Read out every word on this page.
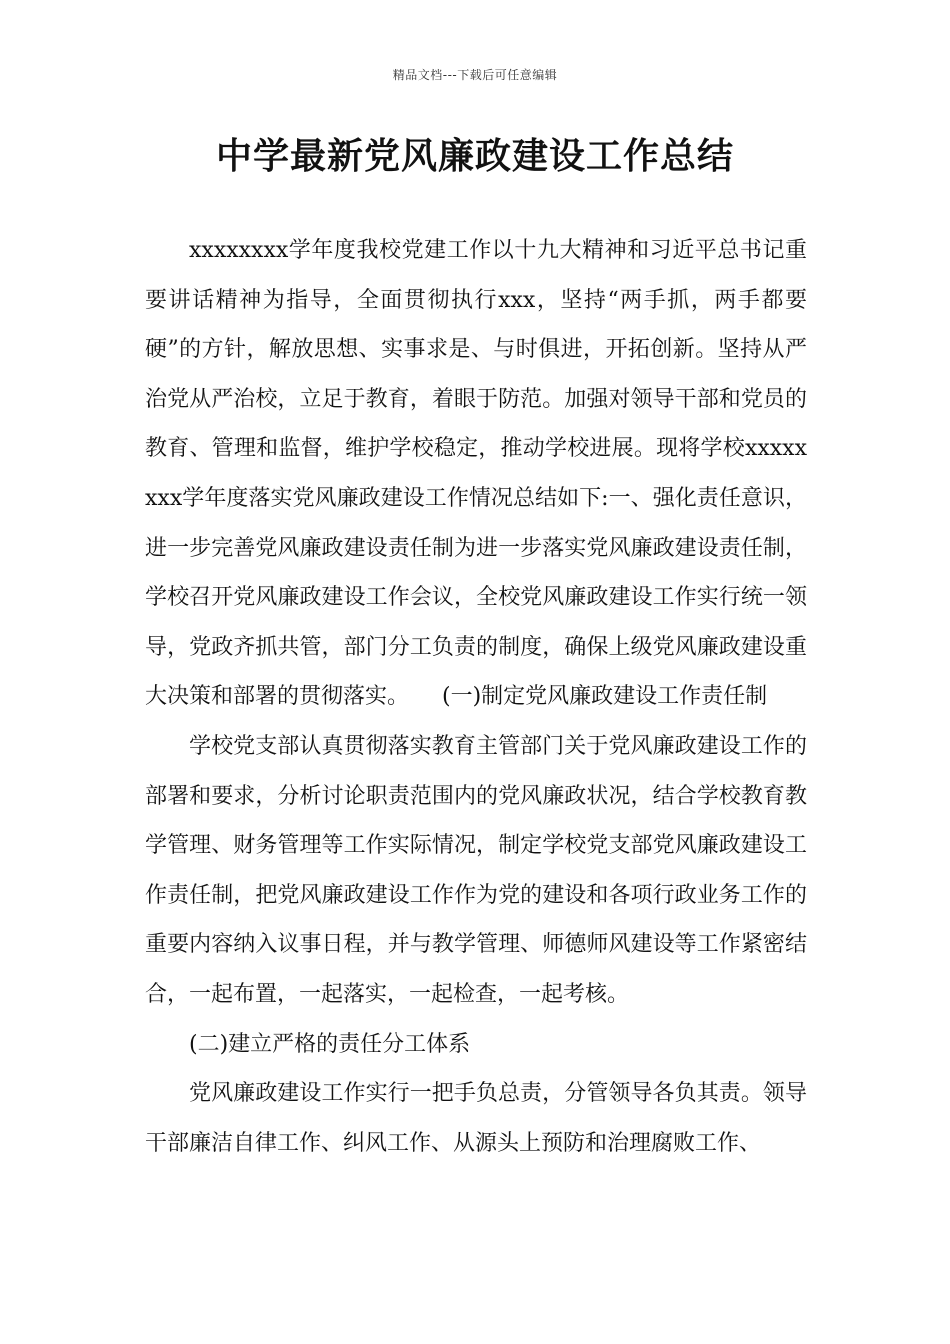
精品文档---下载后可任意编辑
中学最新党风廉政建设工作总结

xxxxxxxx学年度我校党建工作以十九大精神和习近平总书记重要讲话精神为指导，全面贯彻执行xxx，坚持“两手抓，两手都要硬”的方针，解放思想、实事求是、与时俱进，开拓创新。坚持从严治党从严治校，立足于教育，着眼于防范。加强对领导干部和党员的教育、管理和监督，维护学校稳定，推动学校进展。现将学校xxxxxxxx学年度落实党风廉政建设工作情况总结如下:一、强化责任意识，进一步完善党风廉政建设责任制为进一步落实党风廉政建设责任制，学校召开党风廉政建设工作会议，全校党风廉政建设工作实行统一领导，党政齐抓共管，部门分工负责的制度，确保上级党风廉政建设重大决策和部署的贯彻落实。　　(一)制定党风廉政建设工作责任制

学校党支部认真贯彻落实教育主管部门关于党风廉政建设工作的部署和要求，分析讨论职责范围内的党风廉政状况，结合学校教育教学管理、财务管理等工作实际情况，制定学校党支部党风廉政建设工作责任制，把党风廉政建设工作作为党的建设和各项行政业务工作的重要内容纳入议事日程，并与教学管理、师德师风建设等工作紧密结合，一起布置，一起落实，一起检查，一起考核。

(二)建立严格的责任分工体系

党风廉政建设工作实行一把手负总责，分管领导各负其责。领导干部廉洁自律工作、纠风工作、从源头上预防和治理腐败工作、
